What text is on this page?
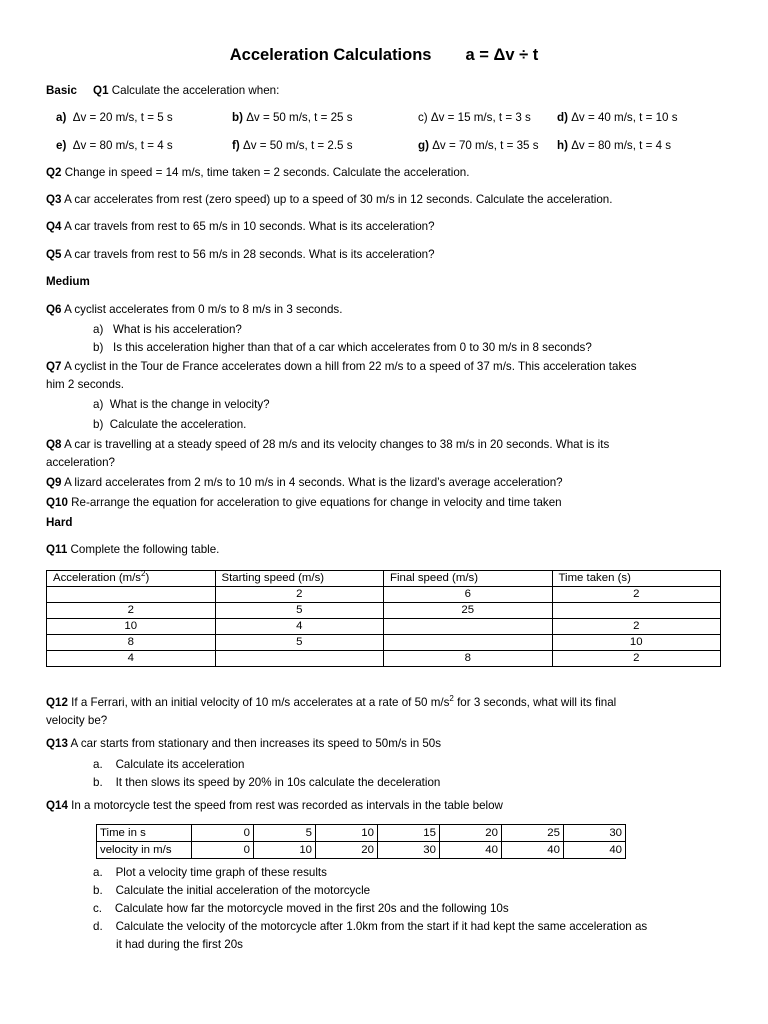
Acceleration Calculations a = Δv ÷ t
Basic Q1 Calculate the acceleration when:
a) Δv = 20 m/s, t = 5 s	b) Δv = 50 m/s, t = 25 s	c) Δv = 15 m/s, t = 3 s d) Δv = 40 m/s, t = 10 s
e) Δv = 80 m/s, t = 4 s	f) Δv = 50 m/s, t = 2.5 s	g) Δv = 70 m/s, t = 35 s h) Δv = 80 m/s, t = 4 s
Q2 Change in speed = 14 m/s, time taken = 2 seconds. Calculate the acceleration.
Q3 A car accelerates from rest (zero speed) up to a speed of 30 m/s in 12 seconds. Calculate the acceleration.
Q4 A car travels from rest to 65 m/s in 10 seconds. What is its acceleration?
Q5 A car travels from rest to 56 m/s in 28 seconds. What is its acceleration?
Medium
Q6 A cyclist accelerates from 0 m/s to 8 m/s in 3 seconds.
a) What is his acceleration?
b) Is this acceleration higher than that of a car which accelerates from 0 to 30 m/s in 8 seconds?
Q7 A cyclist in the Tour de France accelerates down a hill from 22 m/s to a speed of 37 m/s. This acceleration takes
him 2 seconds.
a) What is the change in velocity?
b) Calculate the acceleration.
Q8 A car is travelling at a steady speed of 28 m/s and its velocity changes to 38 m/s in 20 seconds. What is its
acceleration?
Q9 A lizard accelerates from 2 m/s to 10 m/s in 4 seconds. What is the lizard’s average acceleration?
Q10 Re-arrange the equation for acceleration to give equations for change in velocity and time taken
Hard
Q11 Complete the following table.
Acceleration $(m/s^2)$	Starting speed (m/s)	Final speed (m/s)	Time taken (s)
	2	6	2
2	5	25	
10	4		2
8	5		10
4		8	2
Q12 If a Ferrari, with an initial velocity of 10 m/s accelerates at a rate of 50 $m/s^2$ for 3 seconds, what will its final
velocity be?
Q13 A car starts from stationary and then increases its speed to 50m/s in 50s
a. Calculate its acceleration
b. It then slows its speed by 20% in 10s calculate the deceleration
Q14 In a motorcycle test the speed from rest was recorded as intervals in the table below
Time in s	0	5	10	15	20	25	30
velocity in m/s	0	10	20	30	40	40	40
a. Plot a velocity time graph of these results
b. Calculate the initial acceleration of the motorcycle
c. Calculate how far the motorcycle moved in the first 20s and the following 10s
d. Calculate the velocity of the motorcycle after 1.0km from the start if it had kept the same acceleration as
it had during the first 20s
